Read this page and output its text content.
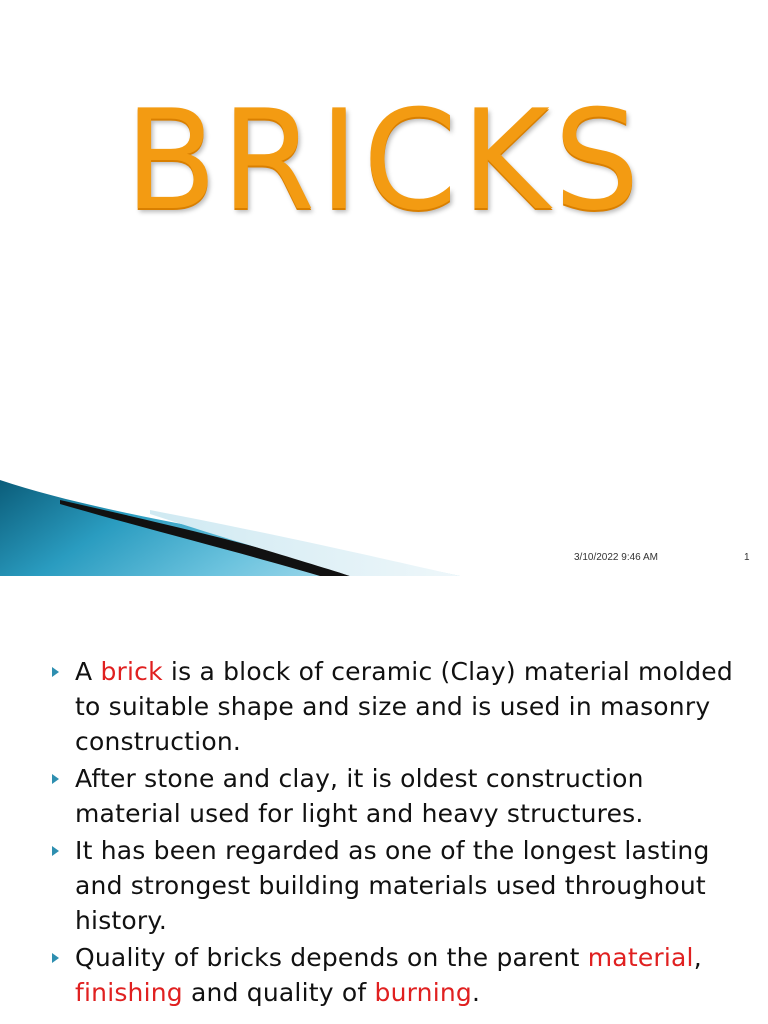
BRICKS
3/10/2022 9:46 AM	1
A brick is a block of ceramic (Clay) material molded to suitable shape and size and is used in masonry construction.
After stone and clay, it is oldest construction material used for light and heavy structures.
It has been regarded as one of the longest lasting and strongest building materials used throughout history.
Quality of bricks depends on the parent material, finishing and quality of burning.
